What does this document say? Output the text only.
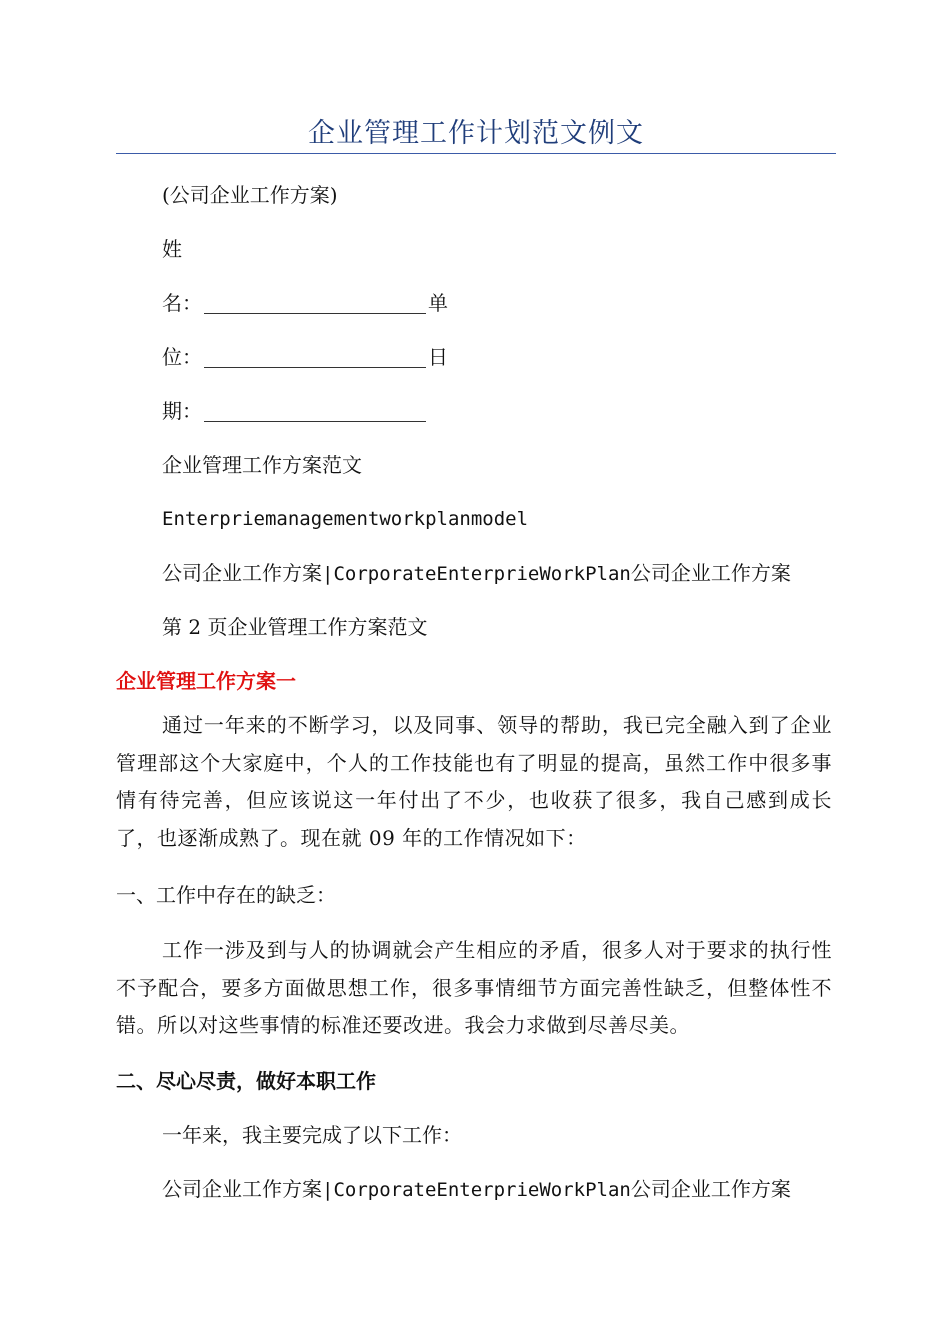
企业管理工作计划范文例文
(公司企业工作方案)
姓
名：	单
位：	日
期：
企业管理工作方案范文
Enterpriemanagementworkplanmodel
公司企业工作方案|CorporateEnterprieWorkPlan公司企业工作方案
第 2 页企业管理工作方案范文
企业管理工作方案一

通过一年来的不断学习，以及同事、领导的帮助，我已完全融入到了企业管理部这个大家庭中，个人的工作技能也有了明显的提高，虽然工作中很多事情有待完善，但应该说这一年付出了不少，也收获了很多，我自己感到成长了，也逐渐成熟了。现在就 09 年的工作情况如下：

一、工作中存在的缺乏：

工作一涉及到与人的协调就会产生相应的矛盾，很多人对于要求的执行性不予配合，要多方面做思想工作，很多事情细节方面完善性缺乏，但整体性不错。所以对这些事情的标准还要改进。我会力求做到尽善尽美。

二、尽心尽责，做好本职工作
一年来，我主要完成了以下工作：
公司企业工作方案|CorporateEnterprieWorkPlan公司企业工作方案
